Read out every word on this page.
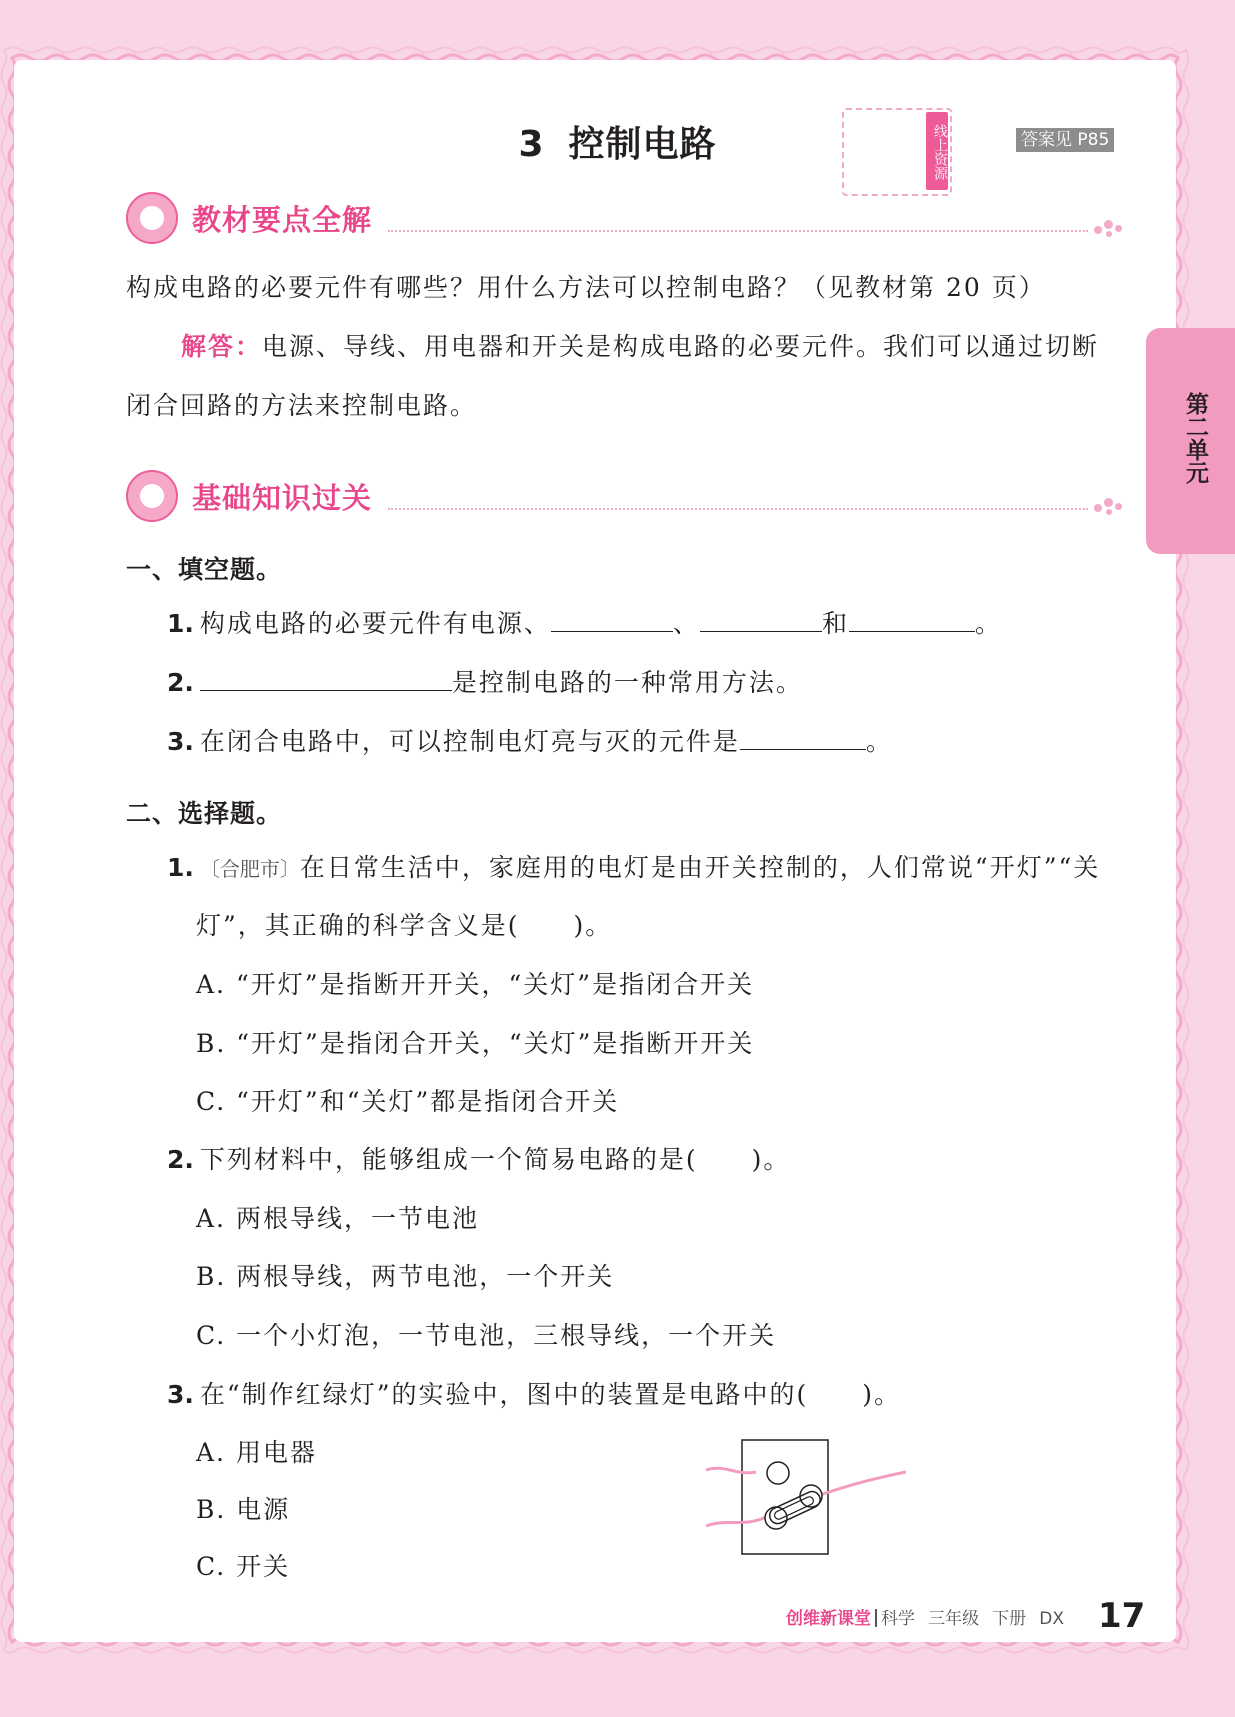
3 控制电路	线上资源	答案见 P85
第二单元
教材要点全解
构成电路的必要元件有哪些？用什么方法可以控制电路？（见教材第 20 页）
解答：电源、导线、用电器和开关是构成电路的必要元件。我们可以通过切断
闭合回路的方法来控制电路。
基础知识过关
一、填空题。
1. 构成电路的必要元件有电源、	、	和	。
2.	是控制电路的一种常用方法。
3. 在闭合电路中，可以控制电灯亮与灭的元件是	。
二、选择题。
1. 〔合肥市〕在日常生活中，家庭用的电灯是由开关控制的，人们常说“开灯”“关
灯”，其正确的科学含义是( )。
A. “开灯”是指断开开关，“关灯”是指闭合开关
B. “开灯”是指闭合开关，“关灯”是指断开开关
C. “开灯”和“关灯”都是指闭合开关
2. 下列材料中，能够组成一个简易电路的是( )。
A. 两根导线，一节电池
B. 两根导线，两节电池，一个开关
C. 一个小灯泡，一节电池，三根导线，一个开关
3. 在“制作红绿灯”的实验中，图中的装置是电路中的( )。
A. 用电器
B. 电源
C. 开关
创维新课堂 科学 三年级 下册 DX 17
